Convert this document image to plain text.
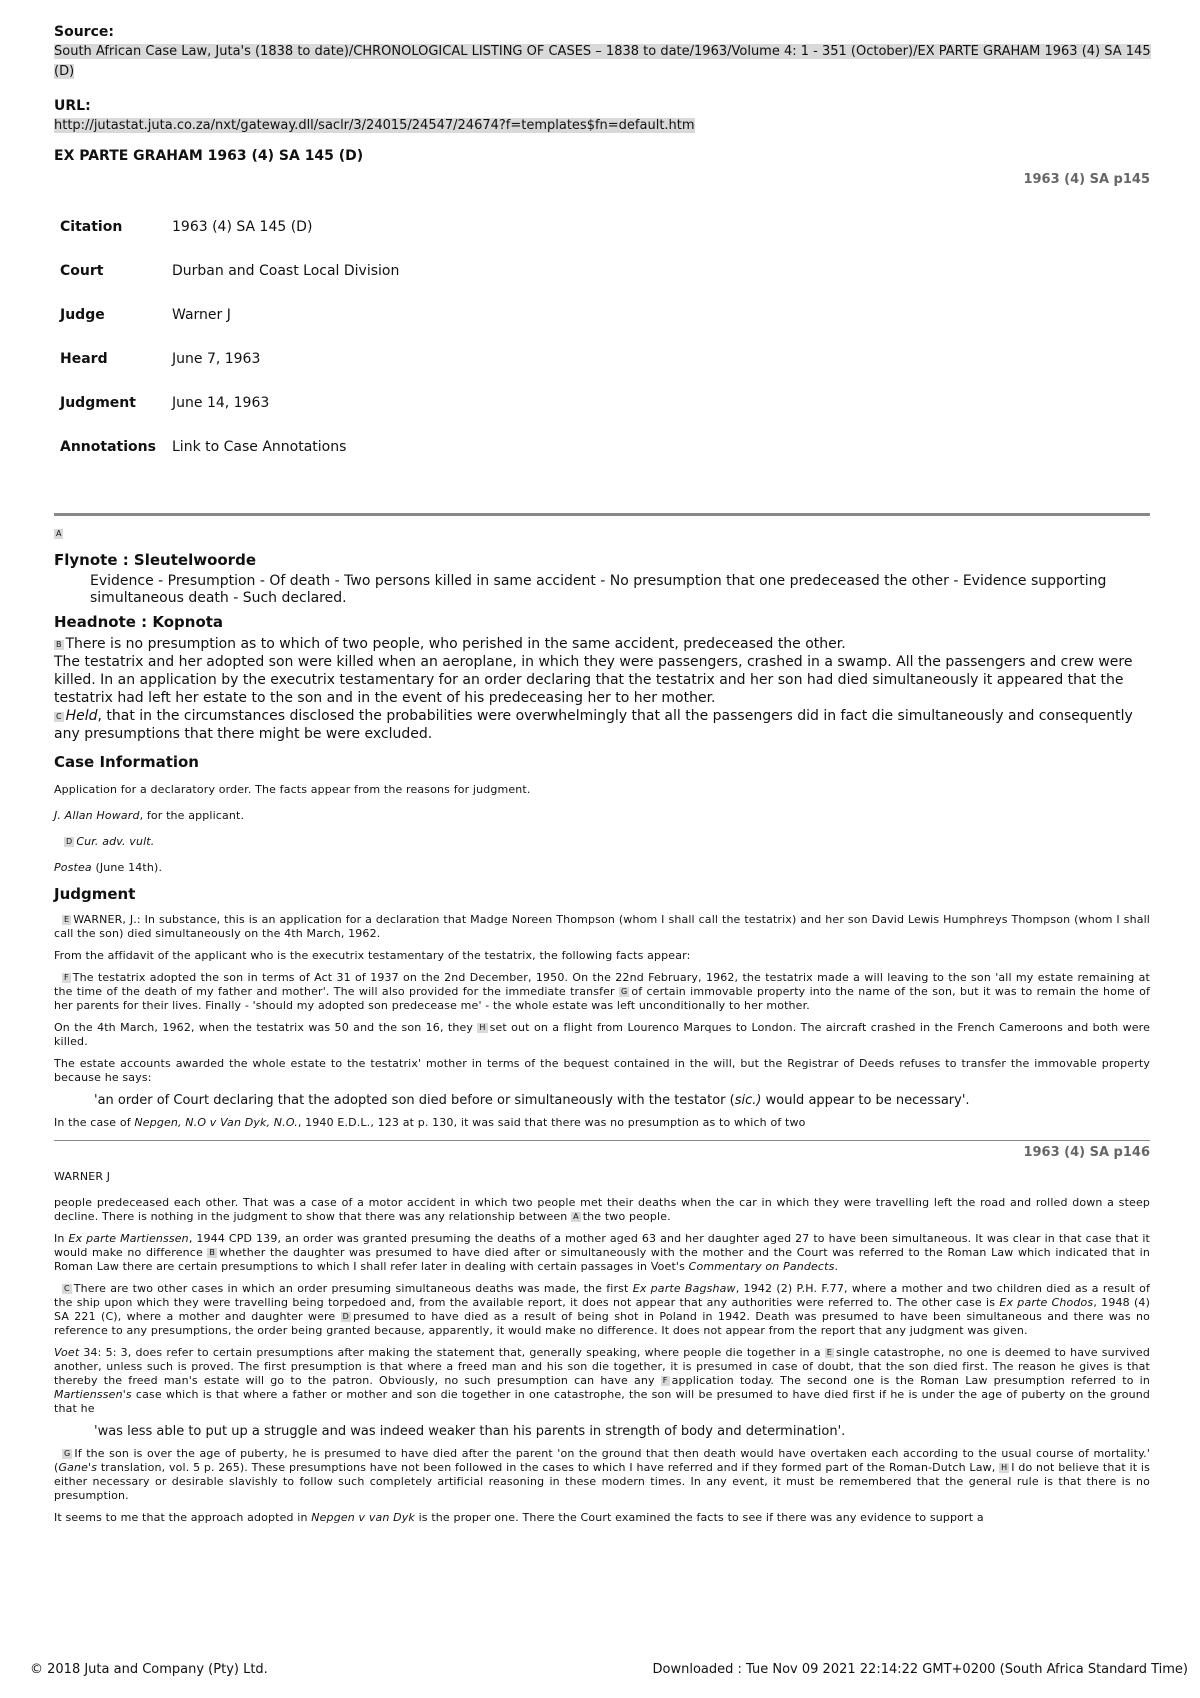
Source:

South African Case Law, Juta's (1838 to date)/CHRONOLOGICAL LISTING OF CASES – 1838 to date/1963/Volume 4: 1 - 351 (October)/EX PARTE GRAHAM 1963 (4) SA 145 (D)

URL:

http://jutastat.juta.co.za/nxt/gateway.dll/saclr/3/24015/24547/24674?f=templates$fn=default.htm
EX PARTE GRAHAM 1963 (4) SA 145 (D)
1963 (4) SA p145
Citation	1963 (4) SA 145 (D)
Court	Durban and Coast Local Division
Judge	Warner J
Heard	June 7, 1963
Judgment	June 14, 1963
Annotations	Link to Case Annotations
A
Flynote : Sleutelwoorde

Evidence - Presumption - Of death - Two persons killed in same accident - No presumption that one predeceased the other - Evidence supporting simultaneous death - Such declared.

Headnote : Kopnota

B There is no presumption as to which of two people, who perished in the same accident, predeceased the other.

The testatrix and her adopted son were killed when an aeroplane, in which they were passengers, crashed in a swamp. All the passengers and crew were killed. In an application by the executrix testamentary for an order declaring that the testatrix and her son had died simultaneously it appeared that the testatrix had left her estate to the son and in the event of his predeceasing her to her mother.

C Held, that in the circumstances disclosed the probabilities were overwhelmingly that all the passengers did in fact die simultaneously and consequently any presumptions that there might be were excluded.

Case Information

Application for a declaratory order. The facts appear from the reasons for judgment.

J. Allan Howard, for the applicant.

D Cur. adv. vult.

Postea (June 14th).

Judgment

E WARNER, J.: In substance, this is an application for a declaration that Madge Noreen Thompson (whom I shall call the testatrix) and her son David Lewis Humphreys Thompson (whom I shall call the son) died simultaneously on the 4th March, 1962.

From the affidavit of the applicant who is the executrix testamentary of the testatrix, the following facts appear:

F The testatrix adopted the son in terms of Act 31 of 1937 on the 2nd December, 1950. On the 22nd February, 1962, the testatrix made a will leaving to the son 'all my estate remaining at the time of the death of my father and mother'. The will also provided for the immediate transfer G of certain immovable property into the name of the son, but it was to remain the home of her parents for their lives. Finally - 'should my adopted son predecease me' - the whole estate was left unconditionally to her mother.

On the 4th March, 1962, when the testatrix was 50 and the son 16, they H set out on a flight from Lourenco Marques to London. The aircraft crashed in the French Cameroons and both were killed.

The estate accounts awarded the whole estate to the testatrix' mother in terms of the bequest contained in the will, but the Registrar of Deeds refuses to transfer the immovable property because he says:

'an order of Court declaring that the adopted son died before or simultaneously with the testator (sic.) would appear to be necessary'.

In the case of Nepgen, N.O v Van Dyk, N.O., 1940 E.D.L., 123 at p. 130, it was said that there was no presumption as to which of two

1963 (4) SA p146

WARNER J

people predeceased each other. That was a case of a motor accident in which two people met their deaths when the car in which they were travelling left the road and rolled down a steep decline. There is nothing in the judgment to show that there was any relationship between A the two people.

In Ex parte Martienssen, 1944 CPD 139, an order was granted presuming the deaths of a mother aged 63 and her daughter aged 27 to have been simultaneous. It was clear in that case that it would make no difference B whether the daughter was presumed to have died after or simultaneously with the mother and the Court was referred to the Roman Law which indicated that in Roman Law there are certain presumptions to which I shall refer later in dealing with certain passages in Voet's Commentary on Pandects.

C There are two other cases in which an order presuming simultaneous deaths was made, the first Ex parte Bagshaw, 1942 (2) P.H. F.77, where a mother and two children died as a result of the ship upon which they were travelling being torpedoed and, from the available report, it does not appear that any authorities were referred to. The other case is Ex parte Chodos, 1948 (4) SA 221 (C), where a mother and daughter were D presumed to have died as a result of being shot in Poland in 1942. Death was presumed to have been simultaneous and there was no reference to any presumptions, the order being granted because, apparently, it would make no difference. It does not appear from the report that any judgment was given.

Voet 34: 5: 3, does refer to certain presumptions after making the statement that, generally speaking, where people die together in a E single catastrophe, no one is deemed to have survived another, unless such is proved. The first presumption is that where a freed man and his son die together, it is presumed in case of doubt, that the son died first. The reason he gives is that thereby the freed man's estate will go to the patron. Obviously, no such presumption can have any F application today. The second one is the Roman Law presumption referred to in Martienssen's case which is that where a father or mother and son die together in one catastrophe, the son will be presumed to have died first if he is under the age of puberty on the ground that he

'was less able to put up a struggle and was indeed weaker than his parents in strength of body and determination'.

G If the son is over the age of puberty, he is presumed to have died after the parent 'on the ground that then death would have overtaken each according to the usual course of mortality.' (Gane's translation, vol. 5 p. 265). These presumptions have not been followed in the cases to which I have referred and if they formed part of the Roman-Dutch Law, H I do not believe that it is either necessary or desirable slavishly to follow such completely artificial reasoning in these modern times. In any event, it must be remembered that the general rule is that there is no presumption.

It seems to me that the approach adopted in Nepgen v van Dyk is the proper one. There the Court examined the facts to see if there was any evidence to support a

© 2018 Juta and Company (Pty) Ltd.	Downloaded : Tue Nov 09 2021 22:14:22 GMT+0200 (South Africa Standard Time)
